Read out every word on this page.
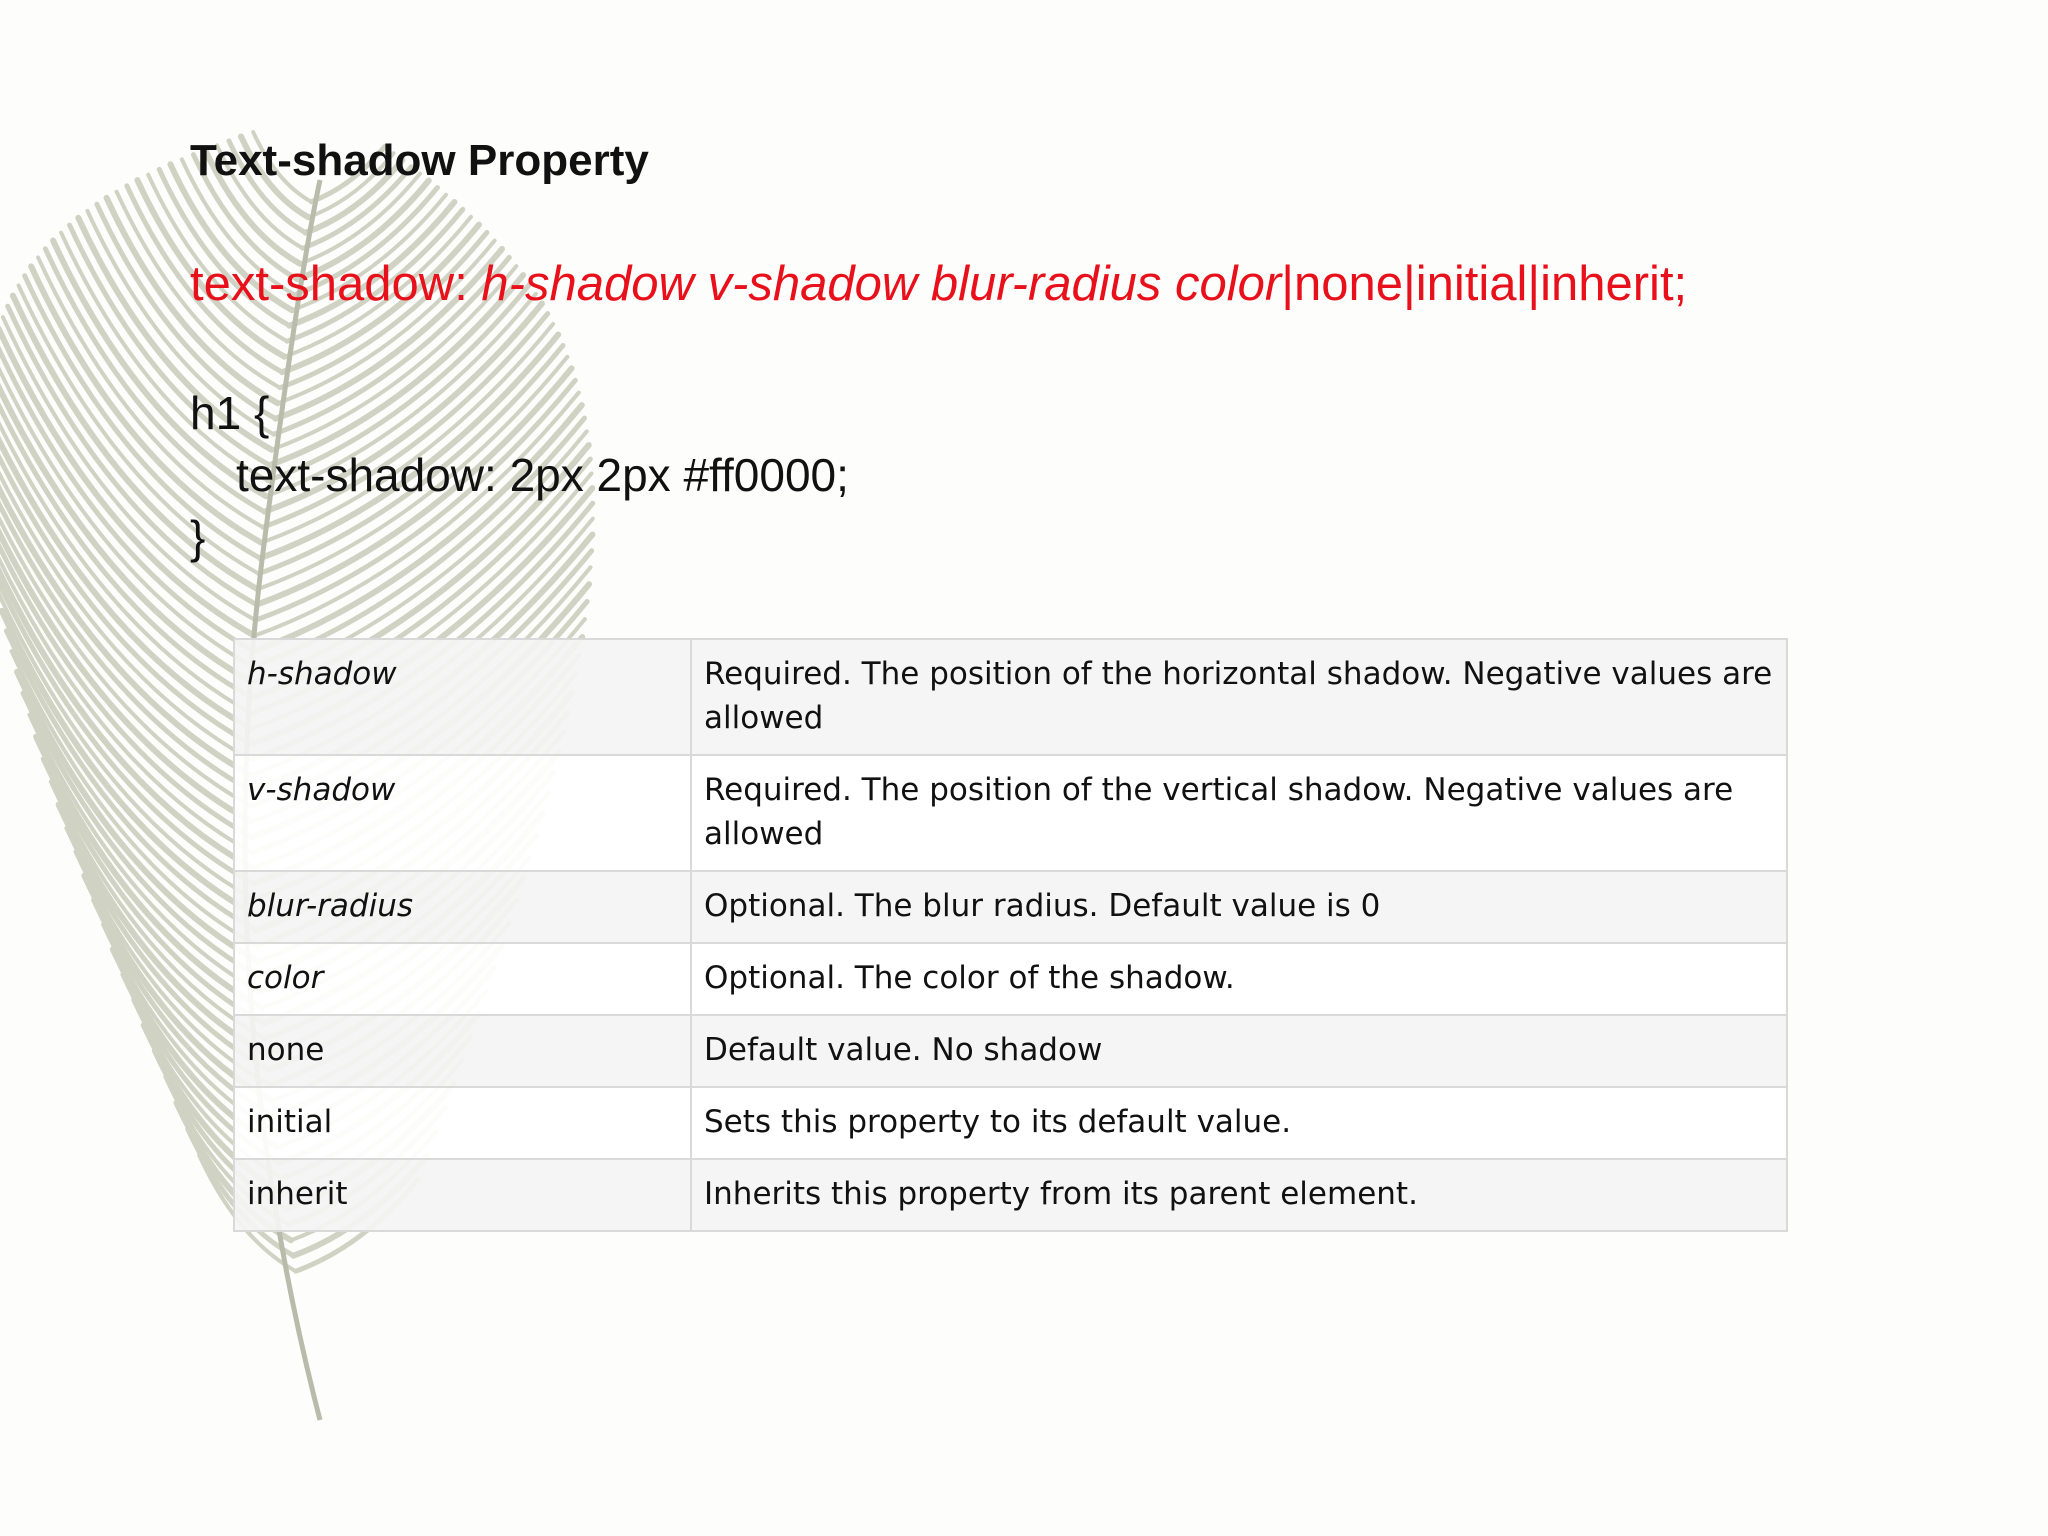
Text-shadow Property
text-shadow: h-shadow v-shadow blur-radius color|none|initial|inherit;
h1 {
text-shadow: 2px 2px #ff0000;
}
h-shadow	Required. The position of the horizontal shadow. Negative values are allowed
v-shadow	Required. The position of the vertical shadow. Negative values are allowed
blur-radius	Optional. The blur radius. Default value is 0
color	Optional. The color of the shadow.
none	Default value. No shadow
initial	Sets this property to its default value.
inherit	Inherits this property from its parent element.
